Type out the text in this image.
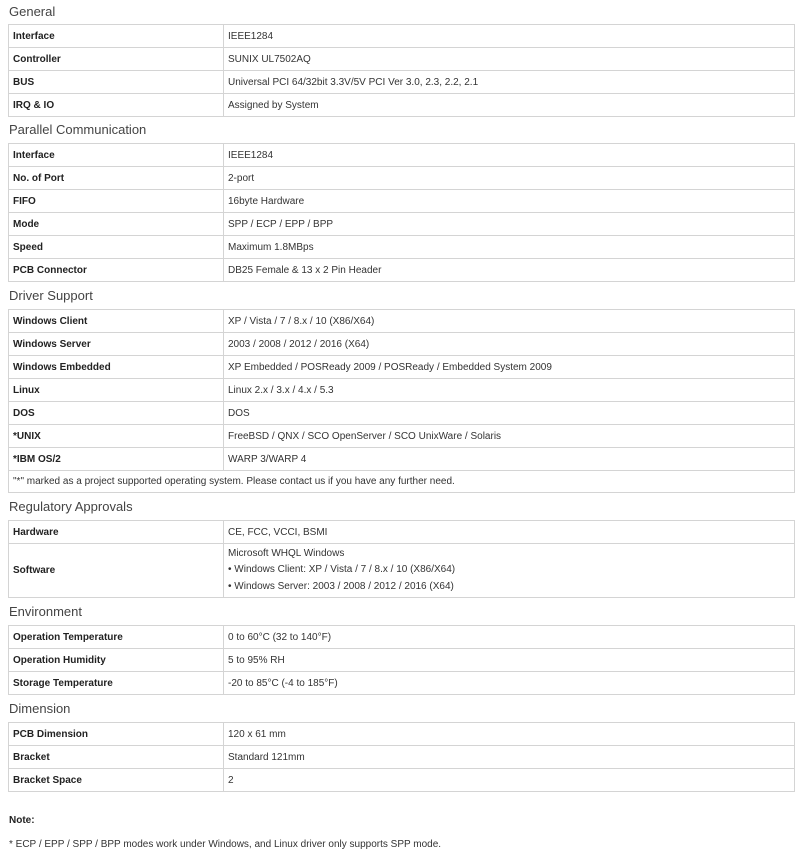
General
Interface	IEEE1284
Controller	SUNIX UL7502AQ
BUS	Universal PCI 64/32bit 3.3V/5V PCI Ver 3.0, 2.3, 2.2, 2.1
IRQ & IO	Assigned by System
Parallel Communication
Interface	IEEE1284
No. of Port	2-port
FIFO	16byte Hardware
Mode	SPP / ECP / EPP / BPP
Speed	Maximum 1.8MBps
PCB Connector	DB25 Female & 13 x 2 Pin Header
Driver Support
Windows Client	XP / Vista / 7 / 8.x / 10 (X86/X64)
Windows Server	2003 / 2008 / 2012 / 2016 (X64)
Windows Embedded	XP Embedded / POSReady 2009 / POSReady / Embedded System 2009
Linux	Linux 2.x / 3.x / 4.x / 5.3
DOS	DOS
*UNIX	FreeBSD / QNX / SCO OpenServer / SCO UnixWare / Solaris
*IBM OS/2	WARP 3/WARP 4
"*" marked as a project supported operating system. Please contact us if you have any further need.	
Regulatory Approvals
Hardware	CE, FCC, VCCI, BSMI
Software	Microsoft WHQL Windows
• Windows Client: XP / Vista / 7 / 8.x / 10 (X86/X64)
• Windows Server: 2003 / 2008 / 2012 / 2016 (X64)
Environment
Operation Temperature	0 to 60°C (32 to 140°F)
Operation Humidity	5 to 95% RH
Storage Temperature	-20 to 85°C (-4 to 185°F)
Dimension
PCB Dimension	120 x 61 mm
Bracket	Standard 121mm
Bracket Space	2
Note:
* ECP / EPP / SPP / BPP modes work under Windows, and Linux driver only supports SPP mode.
